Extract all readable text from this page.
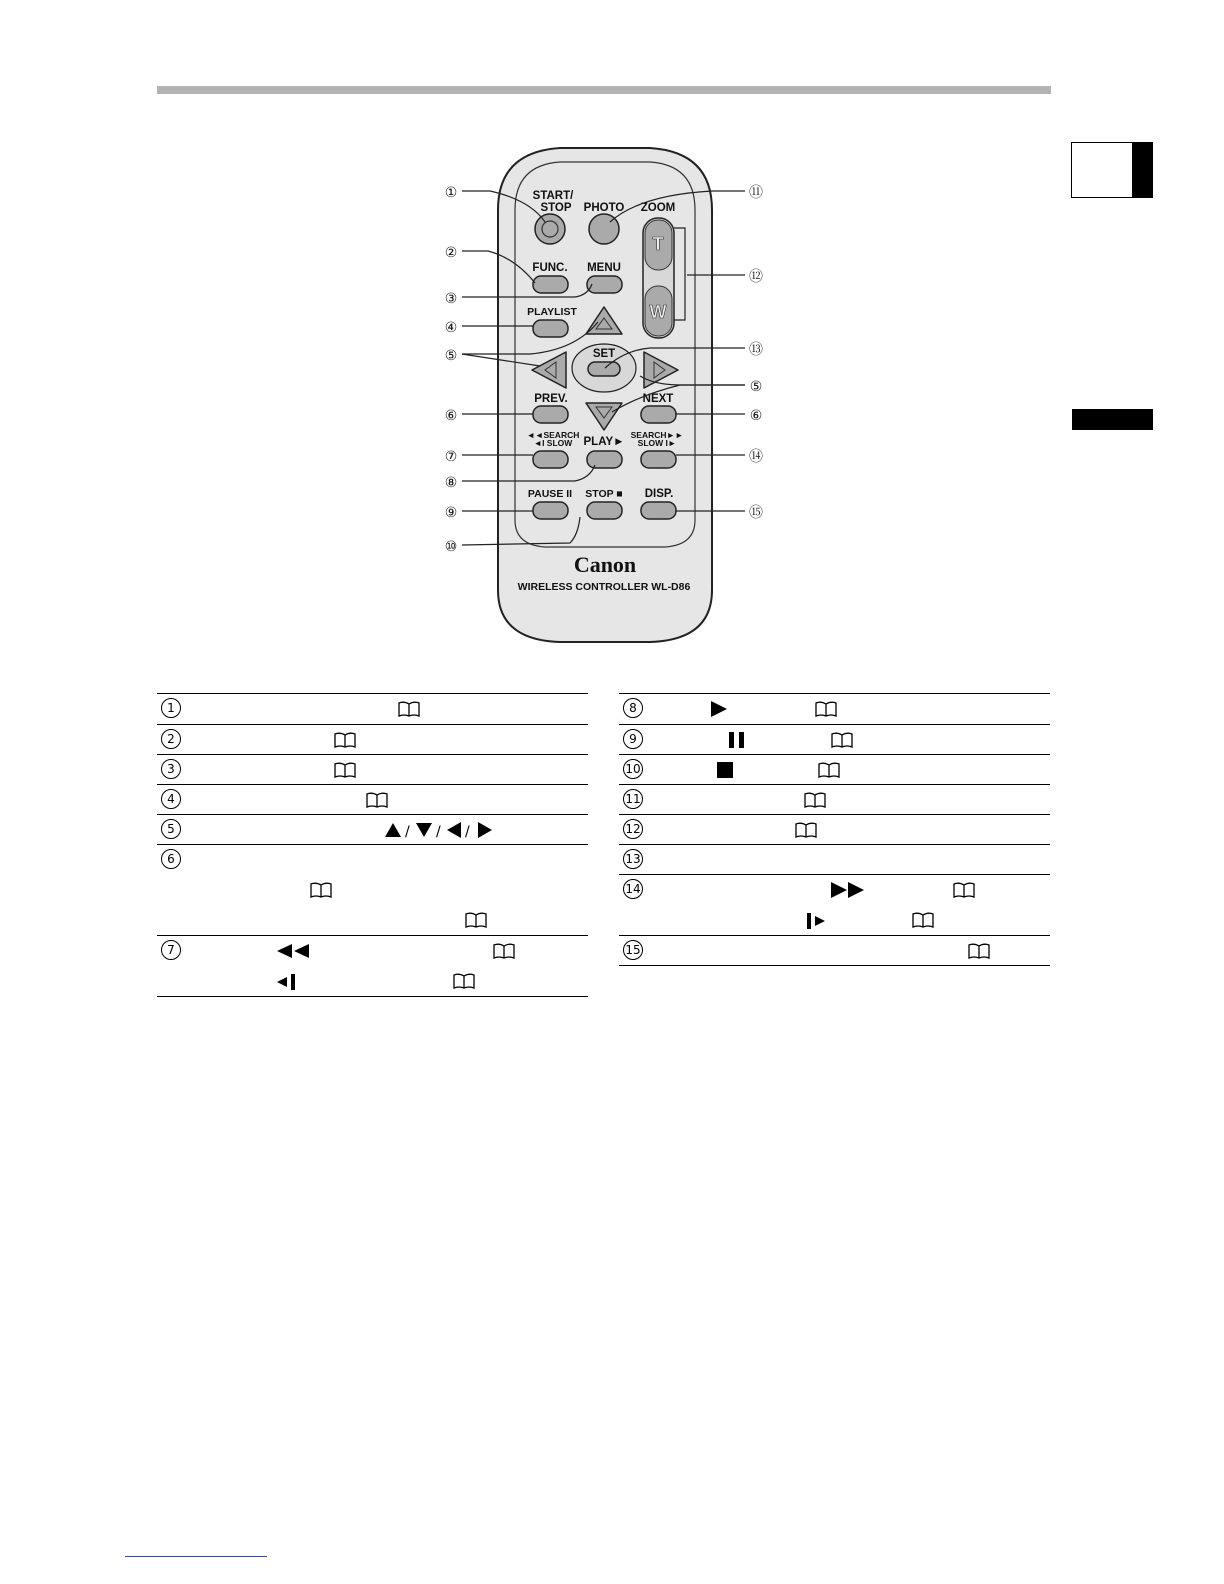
START/
STOP PHOTO ZOOM
T
W
FUNC. MENU
PLAYLIST
SET
PREV.	NEXT
◄◄SEARCH
◄I SLOW PLAY►
SEARCH►►
SLOW I►
PAUSE II STOP ■ DISP.
Canon
WIRELESS CONTROLLER WL-D86
①
②
③
④
⑤
⑥
⑦
⑧
⑨
⑩
⑪
⑫
⑬
⑤
⑥
⑭
⑮
1
2
3
4
5	/ / /
6
7
8
9
10
11
12
13
14
15
